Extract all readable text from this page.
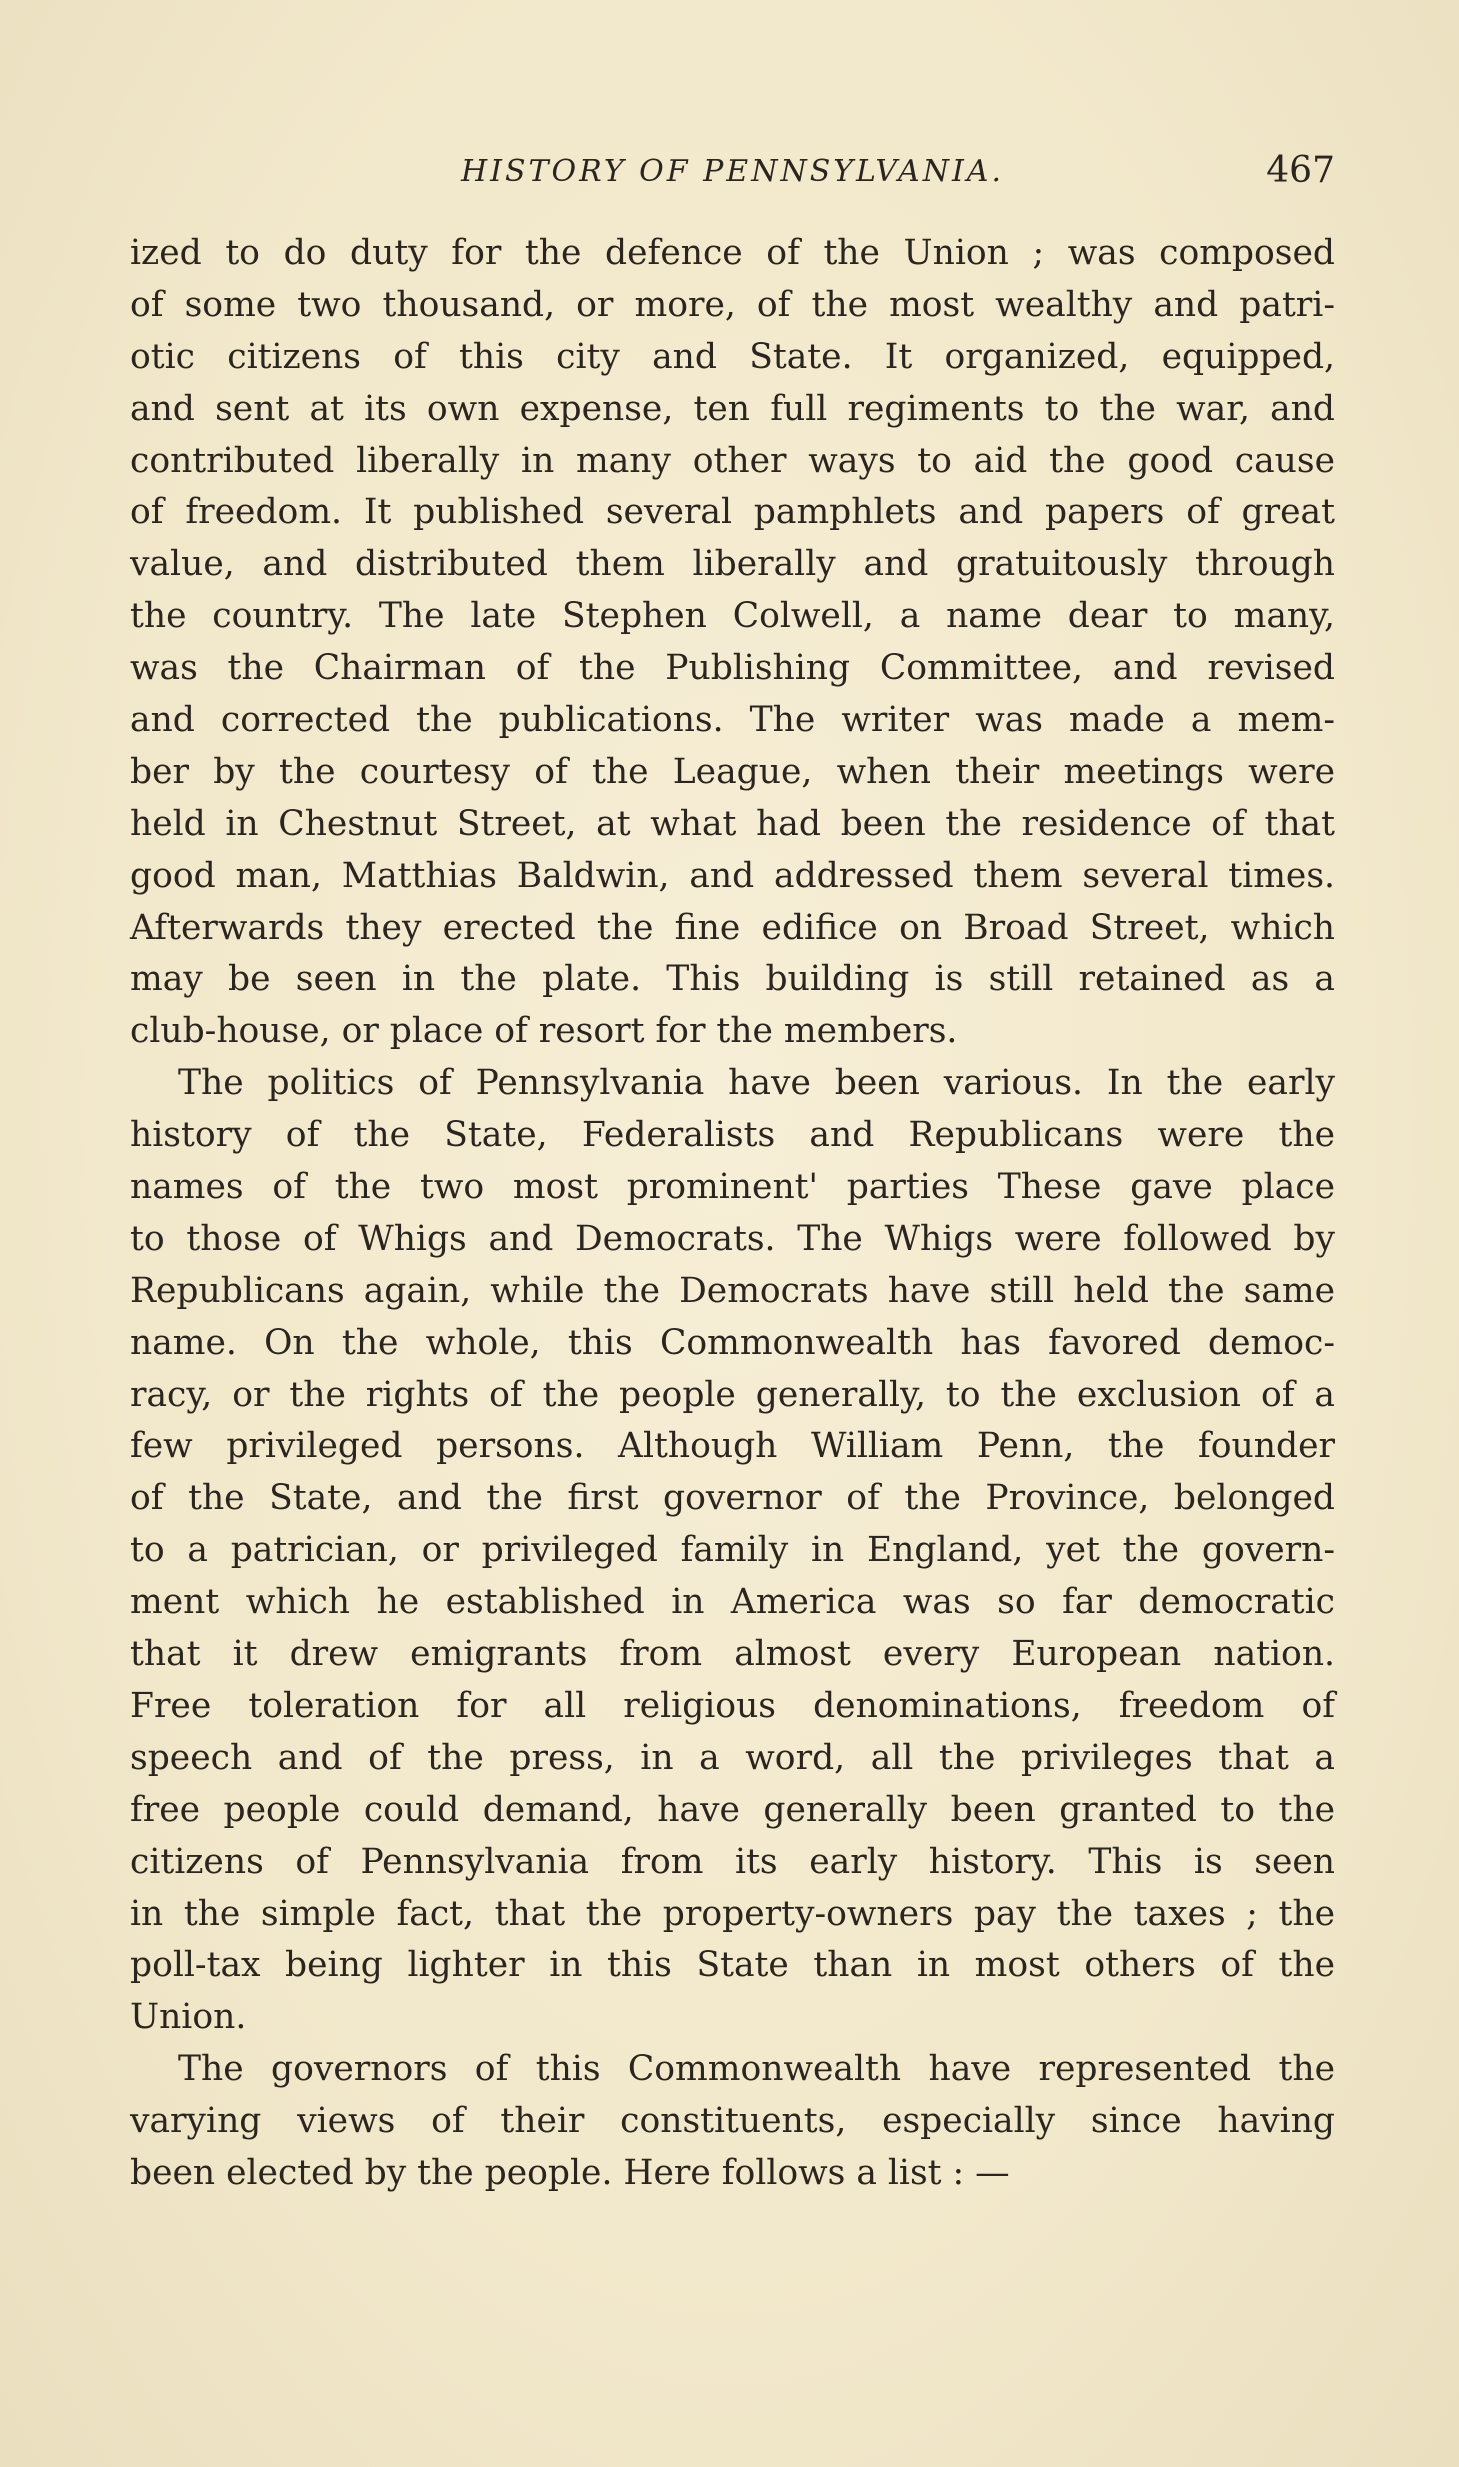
HISTORY OF PENNSYLVANIA.	467
ized to do duty for the defence of the Union ; was composed
of some two thousand, or more, of the most wealthy and patri-
otic citizens of this city and State. It organized, equipped,
and sent at its own expense, ten full regiments to the war, and
contributed liberally in many other ways to aid the good cause
of freedom. It published several pamphlets and papers of great
value, and distributed them liberally and gratuitously through
the country. The late Stephen Colwell, a name dear to many,
was the Chairman of the Publishing Committee, and revised
and corrected the publications. The writer was made a mem-
ber by the courtesy of the League, when their meetings were
held in Chestnut Street, at what had been the residence of that
good man, Matthias Baldwin, and addressed them several times.
Afterwards they erected the fine edifice on Broad Street, which
may be seen in the plate. This building is still retained as a
club-house, or place of resort for the members.
The politics of Pennsylvania have been various. In the early
history of the State, Federalists and Republicans were the
names of the two most prominent' parties These gave place
to those of Whigs and Democrats. The Whigs were followed by
Republicans again, while the Democrats have still held the same
name. On the whole, this Commonwealth has favored democ-
racy, or the rights of the people generally, to the exclusion of a
few privileged persons. Although William Penn, the founder
of the State, and the first governor of the Province, belonged
to a patrician, or privileged family in England, yet the govern-
ment which he established in America was so far democratic
that it drew emigrants from almost every European nation.
Free toleration for all religious denominations, freedom of
speech and of the press, in a word, all the privileges that a
free people could demand, have generally been granted to the
citizens of Pennsylvania from its early history. This is seen
in the simple fact, that the property-owners pay the taxes ; the
poll-tax being lighter in this State than in most others of the
Union.
The governors of this Commonwealth have represented the
varying views of their constituents, especially since having
been elected by the people. Here follows a list : —
